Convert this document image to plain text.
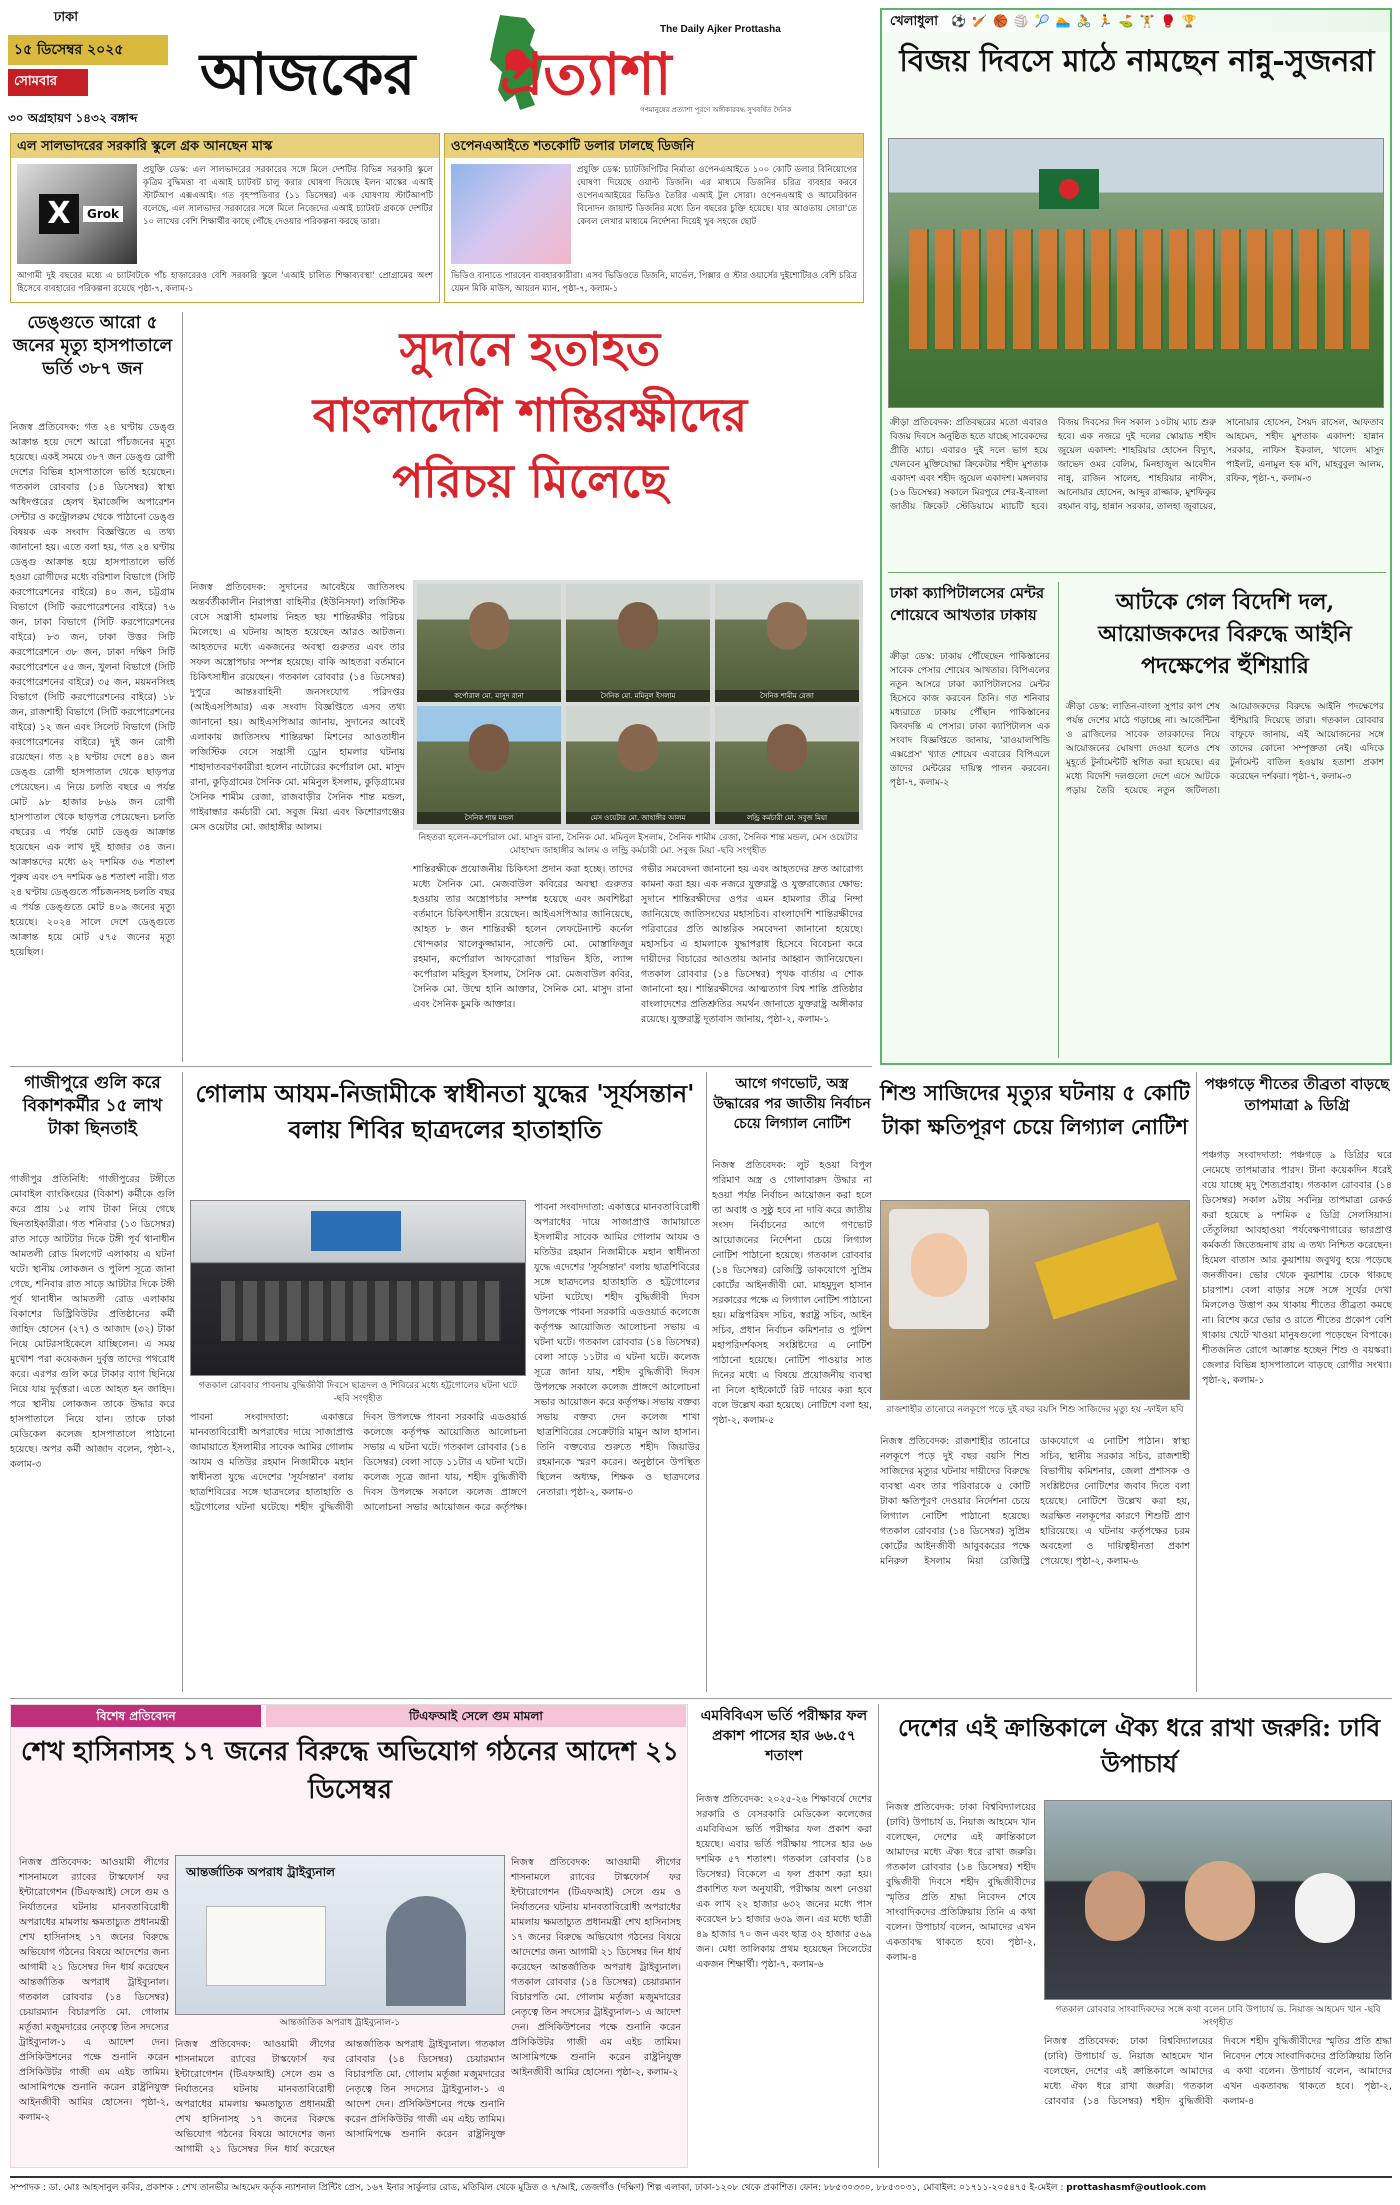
ঢাকা
১৫ ডিসেম্বর ২০২৫
সোমবার
৩০ অগ্রহায়ণ ১৪৩২ বঙ্গাব্দ
The Daily Ajker Prottasha
আজকের প্রত্যাশা
গণমানুষের প্রত্যাশা পূরণে অঙ্গীকারবদ্ধ সুখবর্ষিত দৈনিক
এল সালভাদরের সরকারি স্কুলে গ্রক আনছেন মাস্ক
X	Grok
প্রযুক্তি ডেস্ক: এল সালভাদরের সরকারের সঙ্গে মিলে দেশটির বিভিন্ন সরকারি স্কুলে কৃত্রিম বুদ্ধিমত্তা বা এআই চ্যাটবট চালু করার ঘোষণা দিয়েছে ইলন মাস্কের এআই স্টার্টআপ এক্সএআই। গত বৃহস্পতিবার (১১ ডিসেম্বর) এক ঘোষণায় স্টার্টআপটি বলেছে, এল সালভাদর সরকারের সঙ্গে মিলে নিজেদের এআই চ্যাটবট গ্রককে দেশটির ১০ লাখের বেশি শিক্ষার্থীর কাছে পৌঁছে দেওয়ার পরিকল্পনা করছে তারা।
আগামী দুই বছরের মধ্যে এ চ্যাটবটকে পাঁচ হাজারেরও বেশি সরকারি স্কুলে 'এআই চালিত শিক্ষাব্যবস্থা' প্রোগ্রামের অংশ হিসেবে ব্যবহারের পরিকল্পনা রয়েছে পৃষ্ঠা-৭, কলাম-১
ওপেনএআইতে শতকোটি ডলার ঢালছে ডিজনি
প্রযুক্তি ডেস্ক: চ্যাটজিপিটির নির্মাতা ওপেনএআইতে ১০০ কোটি ডলার বিনিয়োগের ঘোষণা দিয়েছে ওয়াল্ট ডিজনি। এর মাধ্যমে ডিজনির চরিত্র ব্যবহার করবে ওপেনএআইয়ের ভিডিও তৈরির এআই টুল সোরা। ওপেনএআই ও আমেরিকান বিনোদন জায়ান্ট ডিজনির মধ্যে তিন বছরের চুক্তি হয়েছে। যার আওতায় সোরা'তে কেবল লেখার মাধ্যমে নির্দেশনা দিয়েই খুব সহজে ছোট
ভিডিও বানাতে পারবেন ব্যবহারকারীরা। এসব ভিডিওতে ডিজনি, মার্ভেল, পিক্সার ও স্টার ওয়ার্সের দুইশোটিরও বেশি চরিত্র যেমন মিকি মাউস, আয়রন ম্যান, পৃষ্ঠা-৭, কলাম-১
খেলাধুলা ⚽🏏🏀🏐🎾🏊🚴🏃⛳🏋🥊🏆
বিজয় দিবসে মাঠে নামছেন নান্নু-সুজনরা
ক্রীড়া প্রতিবেদক: প্রতিবছরের মতো এবারও বিজয় দিবসে অনুষ্ঠিত হতে যাচ্ছে সাবেকদের প্রীতি ম্যাচ। এবারও দুই দলে ভাগ হয়ে খেলবেন মুক্তিযোদ্ধা ক্রিকেটার শহীদ মুশতাক একাদশ এবং শহীদ জুয়েল একাদশ। মঙ্গলবার (১৬ ডিসেম্বর) সকালে মিরপুরে শের-ই-বাংলা জাতীয় ক্রিকেট স্টেডিয়ামে ম্যাচটি হবে। বিজয় দিবসের দিন সকাল ১০টায় ম্যাচ শুরু হবে। এক নজরে দুই দলের স্কোয়াড শহীদ জুয়েল একাদশ: শাহরিয়ার হোসেন বিদ্যুৎ, জাভেদ ওমর বেলিম, মিনহাজুল আবেদীন নান্নু, রাজিন সালেহ, শাহরিয়ার নাফীস, আনোয়ার হোসেন, আব্দুর রাজ্জাক, মুশফিকুর রহমান বাবু, হান্নান সরকার, তালহা জুবায়ের, সানোয়ার হোসেন, সৈয়দ রাসেল, আফতাব আহমেদ, শহীদ মুশতাক একাদশ: হান্নান সরকার, নাফিস ইকবাল, খালেদ মাসুদ পাইলট, এনামুল হক মণি, মাহবুবুল আলম, রফিক, পৃষ্ঠা-৭, কলাম-৩
ঢাকা ক্যাপিটালসের মেন্টর শোয়েবে আখতার ঢাকায়
ক্রীড়া ডেস্ক: ঢাকায় পৌঁছেছেন পাকিস্তানের সাবেক পেসার শোয়েব আখতার। বিপিএলের নতুন আসরে ঢাকা ক্যাপিটালসের মেন্টর হিসেবে কাজ করবেন তিনি। গত শনিবার মধ্যরাতে ঢাকায় পৌঁছান পাকিস্তানের কিংবদন্তি এ পেসার। ঢাকা ক্যাপিটালস এক সংবাদ বিজ্ঞপ্তিতে জানায়, 'রাওয়ালপিন্ডি এক্সপ্রেস' খ্যাত শোয়েব এবারের বিপিএলে তাদের মেন্টরের দায়িত্ব পালন করবেন। পৃষ্ঠা-৭, কলাম-২
আটকে গেল বিদেশি দল, আয়োজকদের বিরুদ্ধে আইনি পদক্ষেপের হুঁশিয়ারি
ক্রীড়া ডেস্ক: লাতিন-বাংলা সুপার কাপ শেষ পর্যন্ত দেশের মাঠে গড়াচ্ছে না। আর্জেন্টিনা ও ব্রাজিলের সাবেক তারকাদের নিয়ে আয়োজনের ঘোষণা দেওয়া হলেও শেষ মুহূর্তে টুর্নামেন্টটি স্থগিত করা হয়েছে। এর মধ্যে বিদেশি দলগুলো দেশে এসে আটকে পড়ায় তৈরি হয়েছে নতুন জটিলতা। আয়োজকদের বিরুদ্ধে আইনি পদক্ষেপের হুঁশিয়ারি দিয়েছে তারা। গতকাল রোববার বাফুফে জানায়, এই আয়োজনের সঙ্গে তাদের কোনো সম্পৃক্ততা নেই। এদিকে টুর্নামেন্ট বাতিল হওয়ায় হতাশা প্রকাশ করেছেন দর্শকরা। পৃষ্ঠা-৭, কলাম-৩
ডেঙ্গুতে আরো ৫ জনের মৃত্যু হাসপাতালে ভর্তি ৩৮৭ জন
নিজস্ব প্রতিবেদক: গত ২৪ ঘণ্টায় ডেঙ্গু আক্রান্ত হয়ে দেশে আরো পাঁচজনের মৃত্যু হয়েছে। একই সময়ে ৩৮৭ জন ডেঙ্গু রোগী দেশের বিভিন্ন হাসপাতালে ভর্তি হয়েছেন। গতকাল রোববার (১৪ ডিসেম্বর) স্বাস্থ্য অধিদপ্তরের হেলথ ইমার্জেন্সি অপারেশন সেন্টার ও কন্ট্রোলরুম থেকে পাঠানো ডেঙ্গু বিষয়ক এক সংবাদ বিজ্ঞপ্তিতে এ তথ্য জানানো হয়। এতে বলা হয়, গত ২৪ ঘণ্টায় ডেঙ্গু আক্রান্ত হয়ে হাসপাতালে ভর্তি হওয়া রোগীদের মধ্যে বরিশাল বিভাগে (সিটি করপোরেশনের বাইরে) ৪০ জন, চট্টগ্রাম বিভাগে (সিটি করপোরেশনের বাইরে) ৭৬ জন, ঢাকা বিভাগে (সিটি করপোরেশনের বাইরে) ৮৩ জন, ঢাকা উত্তর সিটি করপোরেশনে ৩৮ জন, ঢাকা দক্ষিণ সিটি করপোরেশনে ৫৫ জন, খুলনা বিভাগে (সিটি করপোরেশনের বাইরে) ৩৫ জন, ময়মনসিংহ বিভাগে (সিটি করপোরেশনের বাইরে) ১৮ জন, রাজশাহী বিভাগে (সিটি করপোরেশনের বাইরে) ১২ জন এবং সিলেট বিভাগে (সিটি করপোরেশনের বাইরে) দুই জন রোগী রয়েছেন। গত ২৪ ঘণ্টায় দেশে ৪৪১ জন ডেঙ্গু রোগী হাসপাতাল থেকে ছাড়পত্র পেয়েছেন। এ নিয়ে চলতি বছরে এ পর্যন্ত মোট ৯৮ হাজার ৮৬৯ জন রোগী হাসপাতাল থেকে ছাড়পত্র পেয়েছেন। চলতি বছরের এ পর্যন্ত মোট ডেঙ্গু আক্রান্ত হয়েছেন এক লাখ দুই হাজার ৩৪ জন। আক্রান্তদের মধ্যে ৬২ দশমিক ৩৬ শতাংশ পুরুষ এবং ৩৭ দশমিক ৬৪ শতাংশ নারী। গত ২৪ ঘণ্টায় ডেঙ্গুতে পাঁচজনসহ চলতি বছর এ পর্যন্ত ডেঙ্গুতে মোট ৪০৯ জনের মৃত্যু হয়েছে। ২০২৪ সালে দেশে ডেঙ্গুতে আক্রান্ত হয়ে মোট ৫৭৫ জনের মৃত্যু হয়েছিল।
সুদানে হতাহত
বাংলাদেশি শান্তিরক্ষীদের
পরিচয় মিলেছে
নিজস্ব প্রতিবেদক: সুদানের আবেইয়ে জাতিসংঘ অন্তর্বর্তীকালীন নিরাপত্তা বাহিনীর (ইউনিসফা) লজিস্টিক বেসে সন্ত্রাসী হামলায় নিহত ছয় শান্তিরক্ষীর পরিচয় মিলেছে। এ ঘটনায় আহত হয়েছেন আরও আটজন। আহতদের মধ্যে একজনের অবস্থা গুরুতর এবং তার সফল অস্ত্রোপচার সম্পন্ন হয়েছে। বাকি আহতরা বর্তমানে চিকিৎসাধীন রয়েছেন। গতকাল রোববার (১৪ ডিসেম্বর) দুপুরে আন্তঃবাহিনী জনসংযোগ পরিদপ্তর (আইএসপিআর) এক সংবাদ বিজ্ঞপ্তিতে এসব তথ্য জানানো হয়। আইএসপিআর জানায়, সুদানের আবেই এলাকায় জাতিসংঘ শান্তিরক্ষা মিশনের আওতাধীন লজিস্টিক বেসে সন্ত্রাসী ড্রোন হামলার ঘটনায় শাহাদাতবরণকারীরা হলেন নাটোরের কর্পোরাল মো. মাসুদ রানা, কুড়িগ্রামের সৈনিক মো. মমিনুল ইসলাম, কুড়িগ্রামের সৈনিক শামীম রেজা, রাজবাড়ীর সৈনিক শান্ত মন্ডল, গাইবান্ধার কর্মচারী মো. সবুজ মিয়া এবং কিশোরগঞ্জের মেস ওয়েটার মো. জাহাঙ্গীর আলম।
কর্পোরাল মো. মাসুদ রানা	সৈনিক মো. মমিনুল ইসলাম	সৈনিক শামীম রেজা
সৈনিক শান্ত মন্ডল	মেস ওয়েটার মো. জাহাঙ্গীর আলম	লন্ড্রি কর্মচারী মো. সবুজ মিয়া
নিহতরা হলেন-কর্পোরাল মো. মাসুদ রানা, সৈনিক মো. মমিনুল ইসলাম, সৈনিক শামীম রেজা, সৈনিক শান্ত মন্ডল, মেস ওয়েটার মোহাম্মদ জাহাঙ্গীর আলম ও লন্ড্রি কর্মচারী মো. সবুজ মিয়া -ছবি সংগৃহীত
শান্তিরক্ষীকে প্রয়োজনীয় চিকিৎসা প্রদান করা হচ্ছে। তাদের মধ্যে সৈনিক মো. মেজবাউল কবিরের অবস্থা গুরুতর হওয়ায় তার অস্ত্রোপচার সম্পন্ন হয়েছে এবং অবশিষ্টরা বর্তমানে চিকিৎসাধীন রয়েছেন। আইএসপিআর জানিয়েছে, আহত ৮ জন শান্তিরক্ষী হলেন লেফটেন্যান্ট কর্নেল খোন্দকার খালেকুজ্জামান, সার্জেন্ট মো. মোস্তাফিজুর রহমান, কর্পোরাল আফরোজা পারভিন ইতি, ল্যান্স কর্পোরাল মহিবুল ইসলাম, সৈনিক মো. মেজবাউল কবির, সৈনিক মো. উম্মে হানি আক্তার, সৈনিক মো. মাসুদ রানা এবং সৈনিক চুমকি আক্তার।
গভীর সমবেদনা জানানো হয় এবং আহতদের দ্রুত আরোগ্য কামনা করা হয়। এক নজরে যুক্তরাষ্ট্র ও যুক্তরাজ্যের ক্ষোভ: সুদানে শান্তিরক্ষীদের ওপর এমন হামলার তীব্র নিন্দা জানিয়েছে জাতিসংঘের মহাসচিব। বাংলাদেশি শান্তিরক্ষীদের পরিবারের প্রতি আন্তরিক সমবেদনা জানানো হয়েছে। মহাসচিব এ হামলাকে যুদ্ধাপরাধ হিসেবে বিবেচনা করে দায়ীদের বিচারের আওতায় আনার আহ্বান জানিয়েছেন। গতকাল রোববার (১৪ ডিসেম্বর) পৃথক বার্তায় এ শোক জানানো হয়। শান্তিরক্ষীদের আত্মত্যাগ বিশ্ব শান্তি প্রতিষ্ঠার বাংলাদেশের প্রতিশ্রুতির সমর্থন জানাতে যুক্তরাষ্ট্র অঙ্গীকার রয়েছে। যুক্তরাষ্ট্র দূতাবাস জানায়, পৃষ্ঠা-২, কলাম-১
গাজীপুরে গুলি করে বিকাশকর্মীর ১৫ লাখ টাকা ছিনতাই
গাজীপুর প্রতিনিধি: গাজীপুরের টঙ্গীতে মোবাইল ব্যাংকিংয়ের (বিকাশ) কর্মীকে গুলি করে প্রায় ১৫ লাখ টাকা নিয়ে গেছে ছিনতাইকারীরা। গত শনিবার (১৩ ডিসেম্বর) রাত সাড়ে আটটার দিকে টঙ্গী পূর্ব থানাধীন আমতলী রোড মিলগেট এলাকায় এ ঘটনা ঘটে। স্থানীয় লোকজন ও পুলিশ সূত্রে জানা গেছে, শনিবার রাত সাড়ে আটটার দিকে টঙ্গী পূর্ব থানাধীন আমতলী রোড এলাকায় বিকাশের ডিস্ট্রিবিউটর প্রতিষ্ঠানের কর্মী জাহিদ হোসেন (২৭) ও আজাদ (৩২) টাকা নিয়ে মোটরসাইকেলে যাচ্ছিলেন। এ সময় মুখোশ পরা কয়েকজন দুর্বৃত্ত তাদের পথরোধ করে। এরপর গুলি করে টাকার ব্যাগ ছিনিয়ে নিয়ে যায় দুর্বৃত্তরা। এতে আহত হন জাহিদ। পরে স্থানীয় লোকজন তাকে উদ্ধার করে হাসপাতালে নিয়ে যান। তাকে ঢাকা মেডিকেল কলেজ হাসপাতালে পাঠানো হয়েছে। অপর কর্মী আজাদ বলেন, পৃষ্ঠা-২, কলাম-৩
গোলাম আযম-নিজামীকে স্বাধীনতা যুদ্ধের 'সূর্যসন্তান' বলায় শিবির ছাত্রদলের হাতাহাতি
গতকাল রোববার পাবনায় বুদ্ধিজীবী দিবসে ছাত্রদল ও শিবিরের মধ্যে হট্টগোলের ঘটনা ঘটে -ছবি সংগৃহীত
পাবনা সংবাদদাতা: একাত্তরে মানবতাবিরোধী অপরাধের দায়ে সাজাপ্রাপ্ত জামায়াতে ইসলামীর সাবেক আমির গোলাম আযম ও মতিউর রহমান নিজামীকে মহান স্বাধীনতা যুদ্ধে এদেশের 'সূর্যসন্তান' বলায় ছাত্রশিবিরের সঙ্গে ছাত্রদলের হাতাহাতি ও হট্টগোলের ঘটনা ঘটেছে। শহীদ বুদ্ধিজীবী দিবস উপলক্ষে পাবনা সরকারি এডওয়ার্ড কলেজে কর্তৃপক্ষ আয়োজিত আলোচনা সভায় এ ঘটনা ঘটে। গতকাল রোববার (১৪ ডিসেম্বর) বেলা সাড়ে ১১টার এ ঘটনা ঘটে। কলেজ সূত্রে জানা যায়, শহীদ বুদ্ধিজীবী দিবস উপলক্ষে সকালে কলেজ প্রাঙ্গণে আলোচনা সভার আয়োজন করে কর্তৃপক্ষ। সভায় বক্তব্য দেন কলেজ শাখা ছাত্রশিবিরের সেক্রেটারি মামুন আল হাসান। তিনি বক্তব্যের শুরুতে শহীদ জিয়াউর রহমানকে স্মরণ করেন। অনুষ্ঠানে উপস্থিত ছিলেন অধ্যক্ষ, শিক্ষক ও ছাত্রদলের নেতারা। পৃষ্ঠা-২, কলাম-৩
পাবনা সংবাদদাতা: একাত্তরে মানবতাবিরোধী অপরাধের দায়ে সাজাপ্রাপ্ত জামায়াতে ইসলামীর সাবেক আমির গোলাম আযম ও মতিউর রহমান নিজামীকে মহান স্বাধীনতা যুদ্ধে এদেশের 'সূর্যসন্তান' বলায় ছাত্রশিবিরের সঙ্গে ছাত্রদলের হাতাহাতি ও হট্টগোলের ঘটনা ঘটেছে। শহীদ বুদ্ধিজীবী দিবস উপলক্ষে পাবনা সরকারি এডওয়ার্ড কলেজে কর্তৃপক্ষ আয়োজিত আলোচনা সভায় এ ঘটনা ঘটে। গতকাল রোববার (১৪ ডিসেম্বর) বেলা সাড়ে ১১টার এ ঘটনা ঘটে। কলেজ সূত্রে জানা যায়, শহীদ বুদ্ধিজীবী দিবস উপলক্ষে সকালে কলেজ প্রাঙ্গণে আলোচনা সভার আয়োজন করে কর্তৃপক্ষ। সভায় বক্তব্য
আগে গণভোট, অস্ত্র উদ্ধারের পর জাতীয় নির্বাচন চেয়ে লিগ্যাল নোটিশ
নিজস্ব প্রতিবেদক: লুট হওয়া বিপুল পরিমাণ অস্ত্র ও গোলাবারুদ উদ্ধার না হওয়া পর্যন্ত নির্বাচন আয়োজন করা হলে তা অবাধ ও সুষ্ঠু হবে না দাবি করে জাতীয় সংসদ নির্বাচনের আগে গণভোট আয়োজনের নির্দেশনা চেয়ে লিগ্যাল নোটিশ পাঠানো হয়েছে। গতকাল রোববার (১৪ ডিসেম্বর) রেজিস্ট্রি ডাকযোগে সুপ্রিম কোর্টের আইনজীবী মো. মাহমুদুল হাসান সরকারের পক্ষে এ লিগ্যাল নোটিশ পাঠানো হয়। মন্ত্রিপরিষদ সচিব, স্বরাষ্ট্র সচিব, আইন সচিব, প্রধান নির্বাচন কমিশনার ও পুলিশ মহাপরিদর্শকসহ সংশ্লিষ্টদের এ নোটিশ পাঠানো হয়েছে। নোটিশ পাওয়ার সাত দিনের মধ্যে এ বিষয়ে প্রয়োজনীয় ব্যবস্থা না নিলে হাইকোর্টে রিট দায়ের করা হবে বলে উল্লেখ করা হয়েছে। নোটিশে বলা হয়, পৃষ্ঠা-২, কলাম-৫
শিশু সাজিদের মৃত্যুর ঘটনায় ৫ কোটি টাকা ক্ষতিপূরণ চেয়ে লিগ্যাল নোটিশ
রাজশাহীর তানোরে নলকূপে পড়ে দুই বছর বয়সি শিশু সাজিদের মৃত্যু হয় -ফাইল ছবি
নিজস্ব প্রতিবেদক: রাজশাহীর তানোরে নলকূপে পড়ে দুই বছর বয়সি শিশু সাজিদের মৃত্যুর ঘটনায় দায়ীদের বিরুদ্ধে ব্যবস্থা এবং তার পরিবারকে ৫ কোটি টাকা ক্ষতিপূরণ দেওয়ার নির্দেশনা চেয়ে লিগ্যাল নোটিশ পাঠানো হয়েছে। গতকাল রোববার (১৪ ডিসেম্বর) সুপ্রিম কোর্টের আইনজীবী আবুবকরের পক্ষে মনিরুল ইসলাম মিয়া রেজিস্ট্রি ডাকযোগে এ নোটিশ পাঠান। স্বাস্থ্য সচিব, স্থানীয় সরকার সচিব, রাজশাহী বিভাগীয় কমিশনার, জেলা প্রশাসক ও সংশ্লিষ্টদের নোটিশের জবাব দিতে বলা হয়েছে। নোটিশে উল্লেখ করা হয়, অরক্ষিত নলকূপের কারণে শিশুটি প্রাণ হারিয়েছে। এ ঘটনায় কর্তৃপক্ষের চরম অবহেলা ও দায়িত্বহীনতা প্রকাশ পেয়েছে। পৃষ্ঠা-২, কলাম-৬
পঞ্চগড়ে শীতের তীব্রতা বাড়ছে তাপমাত্রা ৯ ডিগ্রি
পঞ্চগড় সংবাদদাতা: পঞ্চগড়ে ৯ ডিগ্রির ঘরে নেমেছে তাপমাত্রার পারদ। টানা কয়েকদিন ধরেই বয়ে যাচ্ছে মৃদু শৈত্যপ্রবাহ। গতকাল রোববার (১৪ ডিসেম্বর) সকাল ৯টায় সর্বনিম্ন তাপমাত্রা রেকর্ড করা হয়েছে ৯ দশমিক ৫ ডিগ্রি সেলসিয়াস। তেঁতুলিয়া আবহাওয়া পর্যবেক্ষণাগারের ভারপ্রাপ্ত কর্মকর্তা জিতেন্দ্রনাথ রায় এ তথ্য নিশ্চিত করেছেন। হিমেল বাতাস আর কুয়াশায় জবুথবু হয়ে পড়েছে জনজীবন। ভোর থেকে কুয়াশায় ঢেকে থাকছে চারপাশ। বেলা বাড়ার সঙ্গে সঙ্গে সূর্যের দেখা মিললেও উত্তাপ কম থাকায় শীতের তীব্রতা কমছে না। বিশেষ করে ভোর ও রাতে শীতের প্রকোপ বেশি থাকায় খেটে খাওয়া মানুষগুলো পড়েছেন বিপাকে। শীতজনিত রোগে আক্রান্ত হচ্ছেন শিশু ও বয়স্করা। জেলার বিভিন্ন হাসপাতালে বাড়ছে রোগীর সংখ্যা। পৃষ্ঠা-২, কলাম-১
বিশেষ প্রতিবেদন	টিএফআই সেলে গুম মামলা
শেখ হাসিনাসহ ১৭ জনের বিরুদ্ধে অভিযোগ গঠনের আদেশ ২১ ডিসেম্বর
নিজস্ব প্রতিবেদক: আওয়ামী লীগের শাসনামলে র‍্যাবের টাস্কফোর্স ফর ইন্টারোগেশন (টিএফআই) সেলে গুম ও নির্যাতনের ঘটনায় মানবতাবিরোধী অপরাধের মামলায় ক্ষমতাচ্যুত প্রধানমন্ত্রী শেখ হাসিনাসহ ১৭ জনের বিরুদ্ধে অভিযোগ গঠনের বিষয়ে আদেশের জন্য আগামী ২১ ডিসেম্বর দিন ধার্য করেছেন আন্তর্জাতিক অপরাধ ট্রাইব্যুনাল। গতকাল রোববার (১৪ ডিসেম্বর) চেয়ারম্যান বিচারপতি মো. গোলাম মর্তূজা মজুমদারের নেতৃত্বে তিন সদস্যের ট্রাইব্যুনাল-১ এ আদেশ দেন। প্রসিকিউশনের পক্ষে শুনানি করেন প্রসিকিউটর গাজী এম এইচ তামিম। আসামিপক্ষে শুনানি করেন রাষ্ট্রনিযুক্ত আইনজীবী আমির হোসেন। পৃষ্ঠা-২, কলাম-২
আন্তর্জাতিক অপরাধ ট্রাইব্যুনাল
আন্তর্জাতিক অপরাধ ট্রাইব্যুনাল-১
নিজস্ব প্রতিবেদক: আওয়ামী লীগের শাসনামলে র‍্যাবের টাস্কফোর্স ফর ইন্টারোগেশন (টিএফআই) সেলে গুম ও নির্যাতনের ঘটনায় মানবতাবিরোধী অপরাধের মামলায় ক্ষমতাচ্যুত প্রধানমন্ত্রী শেখ হাসিনাসহ ১৭ জনের বিরুদ্ধে অভিযোগ গঠনের বিষয়ে আদেশের জন্য আগামী ২১ ডিসেম্বর দিন ধার্য করেছেন আন্তর্জাতিক অপরাধ ট্রাইব্যুনাল। গতকাল রোববার (১৪ ডিসেম্বর) চেয়ারম্যান বিচারপতি মো. গোলাম মর্তূজা মজুমদারের নেতৃত্বে তিন সদস্যের ট্রাইব্যুনাল-১ এ আদেশ দেন। প্রসিকিউশনের পক্ষে শুনানি করেন প্রসিকিউটর গাজী এম এইচ তামিম। আসামিপক্ষে শুনানি করেন রাষ্ট্রনিযুক্ত
নিজস্ব প্রতিবেদক: আওয়ামী লীগের শাসনামলে র‍্যাবের টাস্কফোর্স ফর ইন্টারোগেশন (টিএফআই) সেলে গুম ও নির্যাতনের ঘটনায় মানবতাবিরোধী অপরাধের মামলায় ক্ষমতাচ্যুত প্রধানমন্ত্রী শেখ হাসিনাসহ ১৭ জনের বিরুদ্ধে অভিযোগ গঠনের বিষয়ে আদেশের জন্য আগামী ২১ ডিসেম্বর দিন ধার্য করেছেন আন্তর্জাতিক অপরাধ ট্রাইব্যুনাল। গতকাল রোববার (১৪ ডিসেম্বর) চেয়ারম্যান বিচারপতি মো. গোলাম মর্তূজা মজুমদারের নেতৃত্বে তিন সদস্যের ট্রাইব্যুনাল-১ এ আদেশ দেন। প্রসিকিউশনের পক্ষে শুনানি করেন প্রসিকিউটর গাজী এম এইচ তামিম। আসামিপক্ষে শুনানি করেন রাষ্ট্রনিযুক্ত আইনজীবী আমির হোসেন। পৃষ্ঠা-২, কলাম-২
এমবিবিএস ভর্তি পরীক্ষার ফল প্রকাশ পাসের হার ৬৬.৫৭ শতাংশ
নিজস্ব প্রতিবেদক: ২০২৫-২৬ শিক্ষাবর্ষে দেশের সরকারি ও বেসরকারি মেডিকেল কলেজের এমবিবিএস ভর্তি পরীক্ষার ফল প্রকাশ করা হয়েছে। এবার ভর্তি পরীক্ষায় পাসের হার ৬৬ দশমিক ৫৭ শতাংশ। গতকাল রোববার (১৪ ডিসেম্বর) বিকেলে এ ফল প্রকাশ করা হয়। প্রকাশিত ফল অনুযায়ী, পরীক্ষায় অংশ নেওয়া এক লাখ ২২ হাজার ৬৩২ জনের মধ্যে পাস করেছেন ৮১ হাজার ৬৩৯ জন। এর মধ্যে ছাত্রী ৪৯ হাজার ৭০ জন এবং ছাত্র ৩২ হাজার ৫৬৯ জন। মেধা তালিকায় প্রথম হয়েছেন সিলেটের একজন শিক্ষার্থী। পৃষ্ঠা-৭, কলাম-৬
দেশের এই ক্রান্তিকালে ঐক্য ধরে রাখা জরুরি: ঢাবি উপাচার্য
নিজস্ব প্রতিবেদক: ঢাকা বিশ্ববিদ্যালয়ের (ঢাবি) উপাচার্য ড. নিয়াজ আহমেদ খান বলেছেন, দেশের এই ক্রান্তিকালে আমাদের মধ্যে ঐক্য ধরে রাখা জরুরি। গতকাল রোববার (১৪ ডিসেম্বর) শহীদ বুদ্ধিজীবী দিবসে শহীদ বুদ্ধিজীবীদের স্মৃতির প্রতি শ্রদ্ধা নিবেদন শেষে সাংবাদিকদের প্রতিক্রিয়ায় তিনি এ কথা বলেন। উপাচার্য বলেন, আমাদের এখন একতাবদ্ধ থাকতে হবে। পৃষ্ঠা-২, কলাম-৪
গতকাল রোববার সাংবাদিকদের সঙ্গে কথা বলেন ঢাবি উপাচার্য ড. নিয়াজ আহমেদ খান -ছবি সংগৃহীত
নিজস্ব প্রতিবেদক: ঢাকা বিশ্ববিদ্যালয়ের (ঢাবি) উপাচার্য ড. নিয়াজ আহমেদ খান বলেছেন, দেশের এই ক্রান্তিকালে আমাদের মধ্যে ঐক্য ধরে রাখা জরুরি। গতকাল রোববার (১৪ ডিসেম্বর) শহীদ বুদ্ধিজীবী দিবসে শহীদ বুদ্ধিজীবীদের স্মৃতির প্রতি শ্রদ্ধা নিবেদন শেষে সাংবাদিকদের প্রতিক্রিয়ায় তিনি এ কথা বলেন। উপাচার্য বলেন, আমাদের এখন একতাবদ্ধ থাকতে হবে। পৃষ্ঠা-২, কলাম-৪
সম্পাদক : ডা. মোঃ আহসানুল কবির, প্রকাশক : শেখ তানভীর আহমেদ কর্তৃক ন্যাশনাল প্রিন্টিং প্রেস, ১৬৭ ইনার সার্কুলার রোড, মতিঝিল থেকে মুদ্রিত ও ৭/আই, তেজগাঁও (দক্ষিণ) শিল্প এলাকা, ঢাকা-১২০৮ থেকে প্রকাশিত। ফোন: ৮৮৫৩০৩৩০, ৮৮৫৩০৩১, মোবাইল: ০১৭১১-২০৫৪৭৫ ই-মেইল : prottashasmf@outlook.com
